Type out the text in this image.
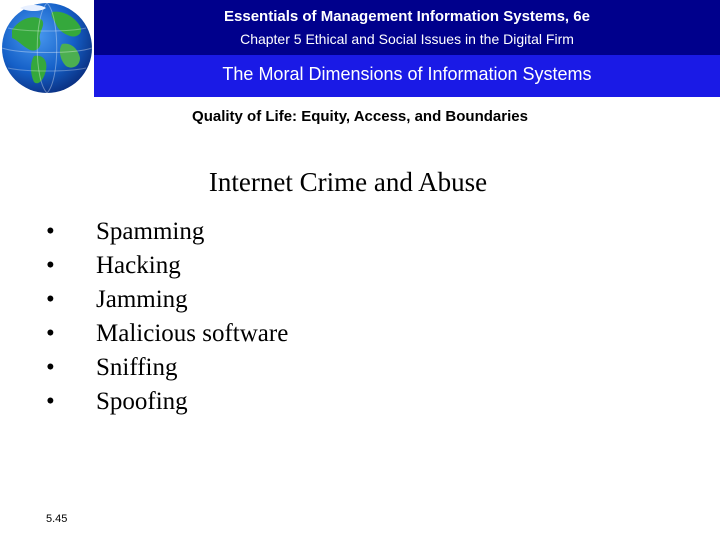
Essentials of Management Information Systems, 6e
Chapter 5 Ethical and Social Issues in the Digital Firm
The Moral Dimensions of Information Systems
Quality of Life: Equity, Access, and Boundaries
Internet Crime and Abuse
• Spamming
• Hacking
• Jamming
• Malicious software
• Sniffing
• Spoofing
5.45
